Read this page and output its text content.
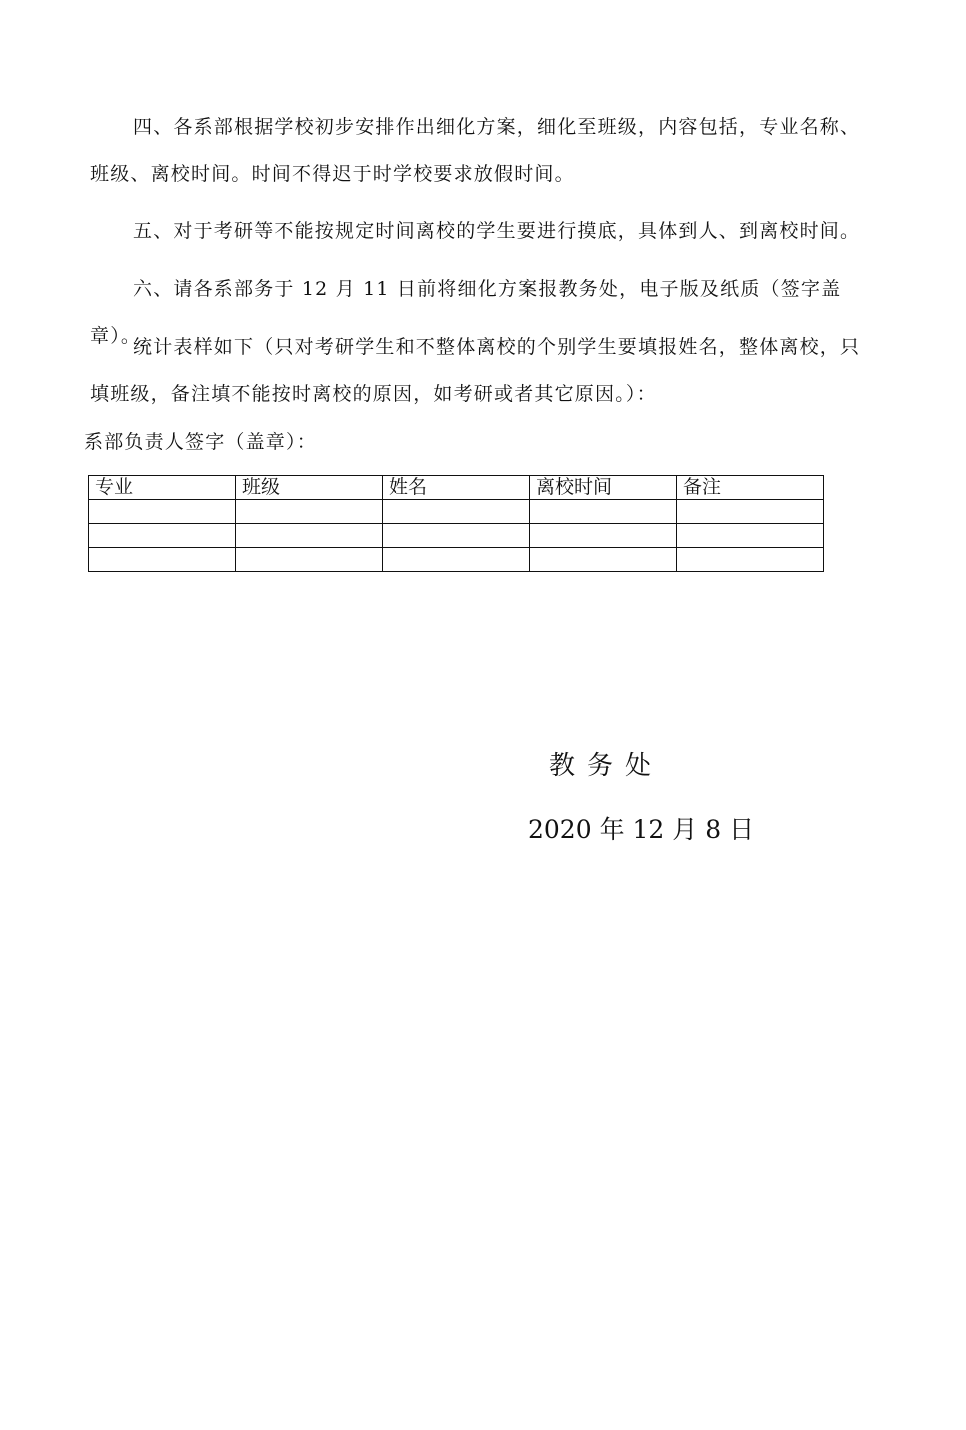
四、各系部根据学校初步安排作出细化方案，细化至班级，内容包括，专业名称、班级、离校时间。时间不得迟于时学校要求放假时间。

五、对于考研等不能按规定时间离校的学生要进行摸底，具体到人、到离校时间。

六、请各系部务于 12 月 11 日前将细化方案报教务处，电子版及纸质（签字盖章）。

统计表样如下（只对考研学生和不整体离校的个别学生要填报姓名，整体离校，只填班级，备注填不能按时离校的原因，如考研或者其它原因。）：

系部负责人签字（盖章）：

专业	班级	姓名	离校时间	备注

教务处

2020 年 12 月 8 日
